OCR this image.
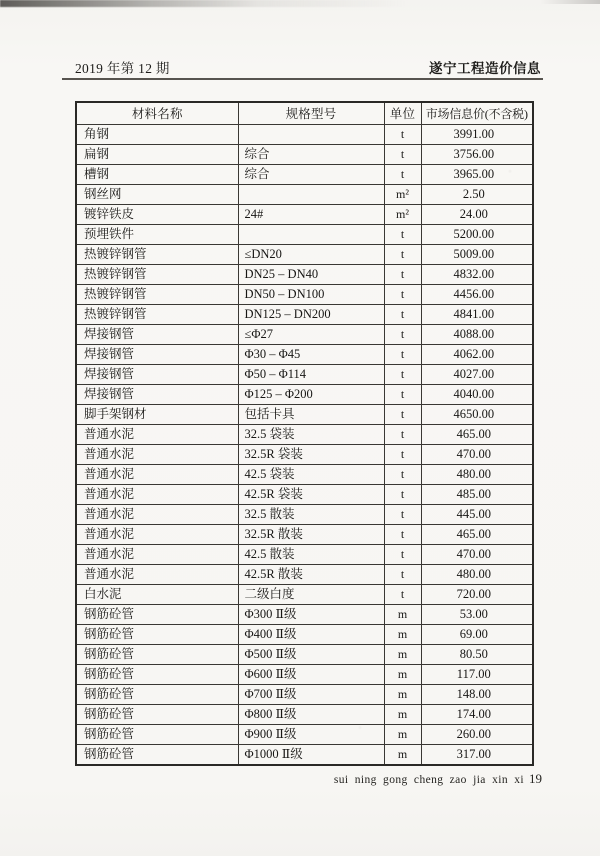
2019 年第 12 期	遂宁工程造价信息
材料名称	规格型号	单位	市场信息价(不含税)
角钢		t	3991.00
扁钢	综合	t	3756.00
槽钢	综合	t	3965.00
钢丝网		m²	2.50
镀锌铁皮	24#	m²	24.00
预埋铁件		t	5200.00
热镀锌钢管	≤DN20	t	5009.00
热镀锌钢管	DN25 – DN40	t	4832.00
热镀锌钢管	DN50 – DN100	t	4456.00
热镀锌钢管	DN125 – DN200	t	4841.00
焊接钢管	≤Φ27	t	4088.00
焊接钢管	Φ30 – Φ45	t	4062.00
焊接钢管	Φ50 – Φ114	t	4027.00
焊接钢管	Φ125 – Φ200	t	4040.00
脚手架钢材	包括卡具	t	4650.00
普通水泥	32.5 袋装	t	465.00
普通水泥	32.5R 袋装	t	470.00
普通水泥	42.5 袋装	t	480.00
普通水泥	42.5R 袋装	t	485.00
普通水泥	32.5 散装	t	445.00
普通水泥	32.5R 散装	t	465.00
普通水泥	42.5 散装	t	470.00
普通水泥	42.5R 散装	t	480.00
白水泥	二级白度	t	720.00
钢筋砼管	Φ300 Ⅱ级	m	53.00
钢筋砼管	Φ400 Ⅱ级	m	69.00
钢筋砼管	Φ500 Ⅱ级	m	80.50
钢筋砼管	Φ600 Ⅱ级	m	117.00
钢筋砼管	Φ700 Ⅱ级	m	148.00
钢筋砼管	Φ800 Ⅱ级	m	174.00
钢筋砼管	Φ900 Ⅱ级	m	260.00
钢筋砼管	Φ1000 Ⅱ级	m	317.00
sui ning gong cheng zao jia xin xi 19
